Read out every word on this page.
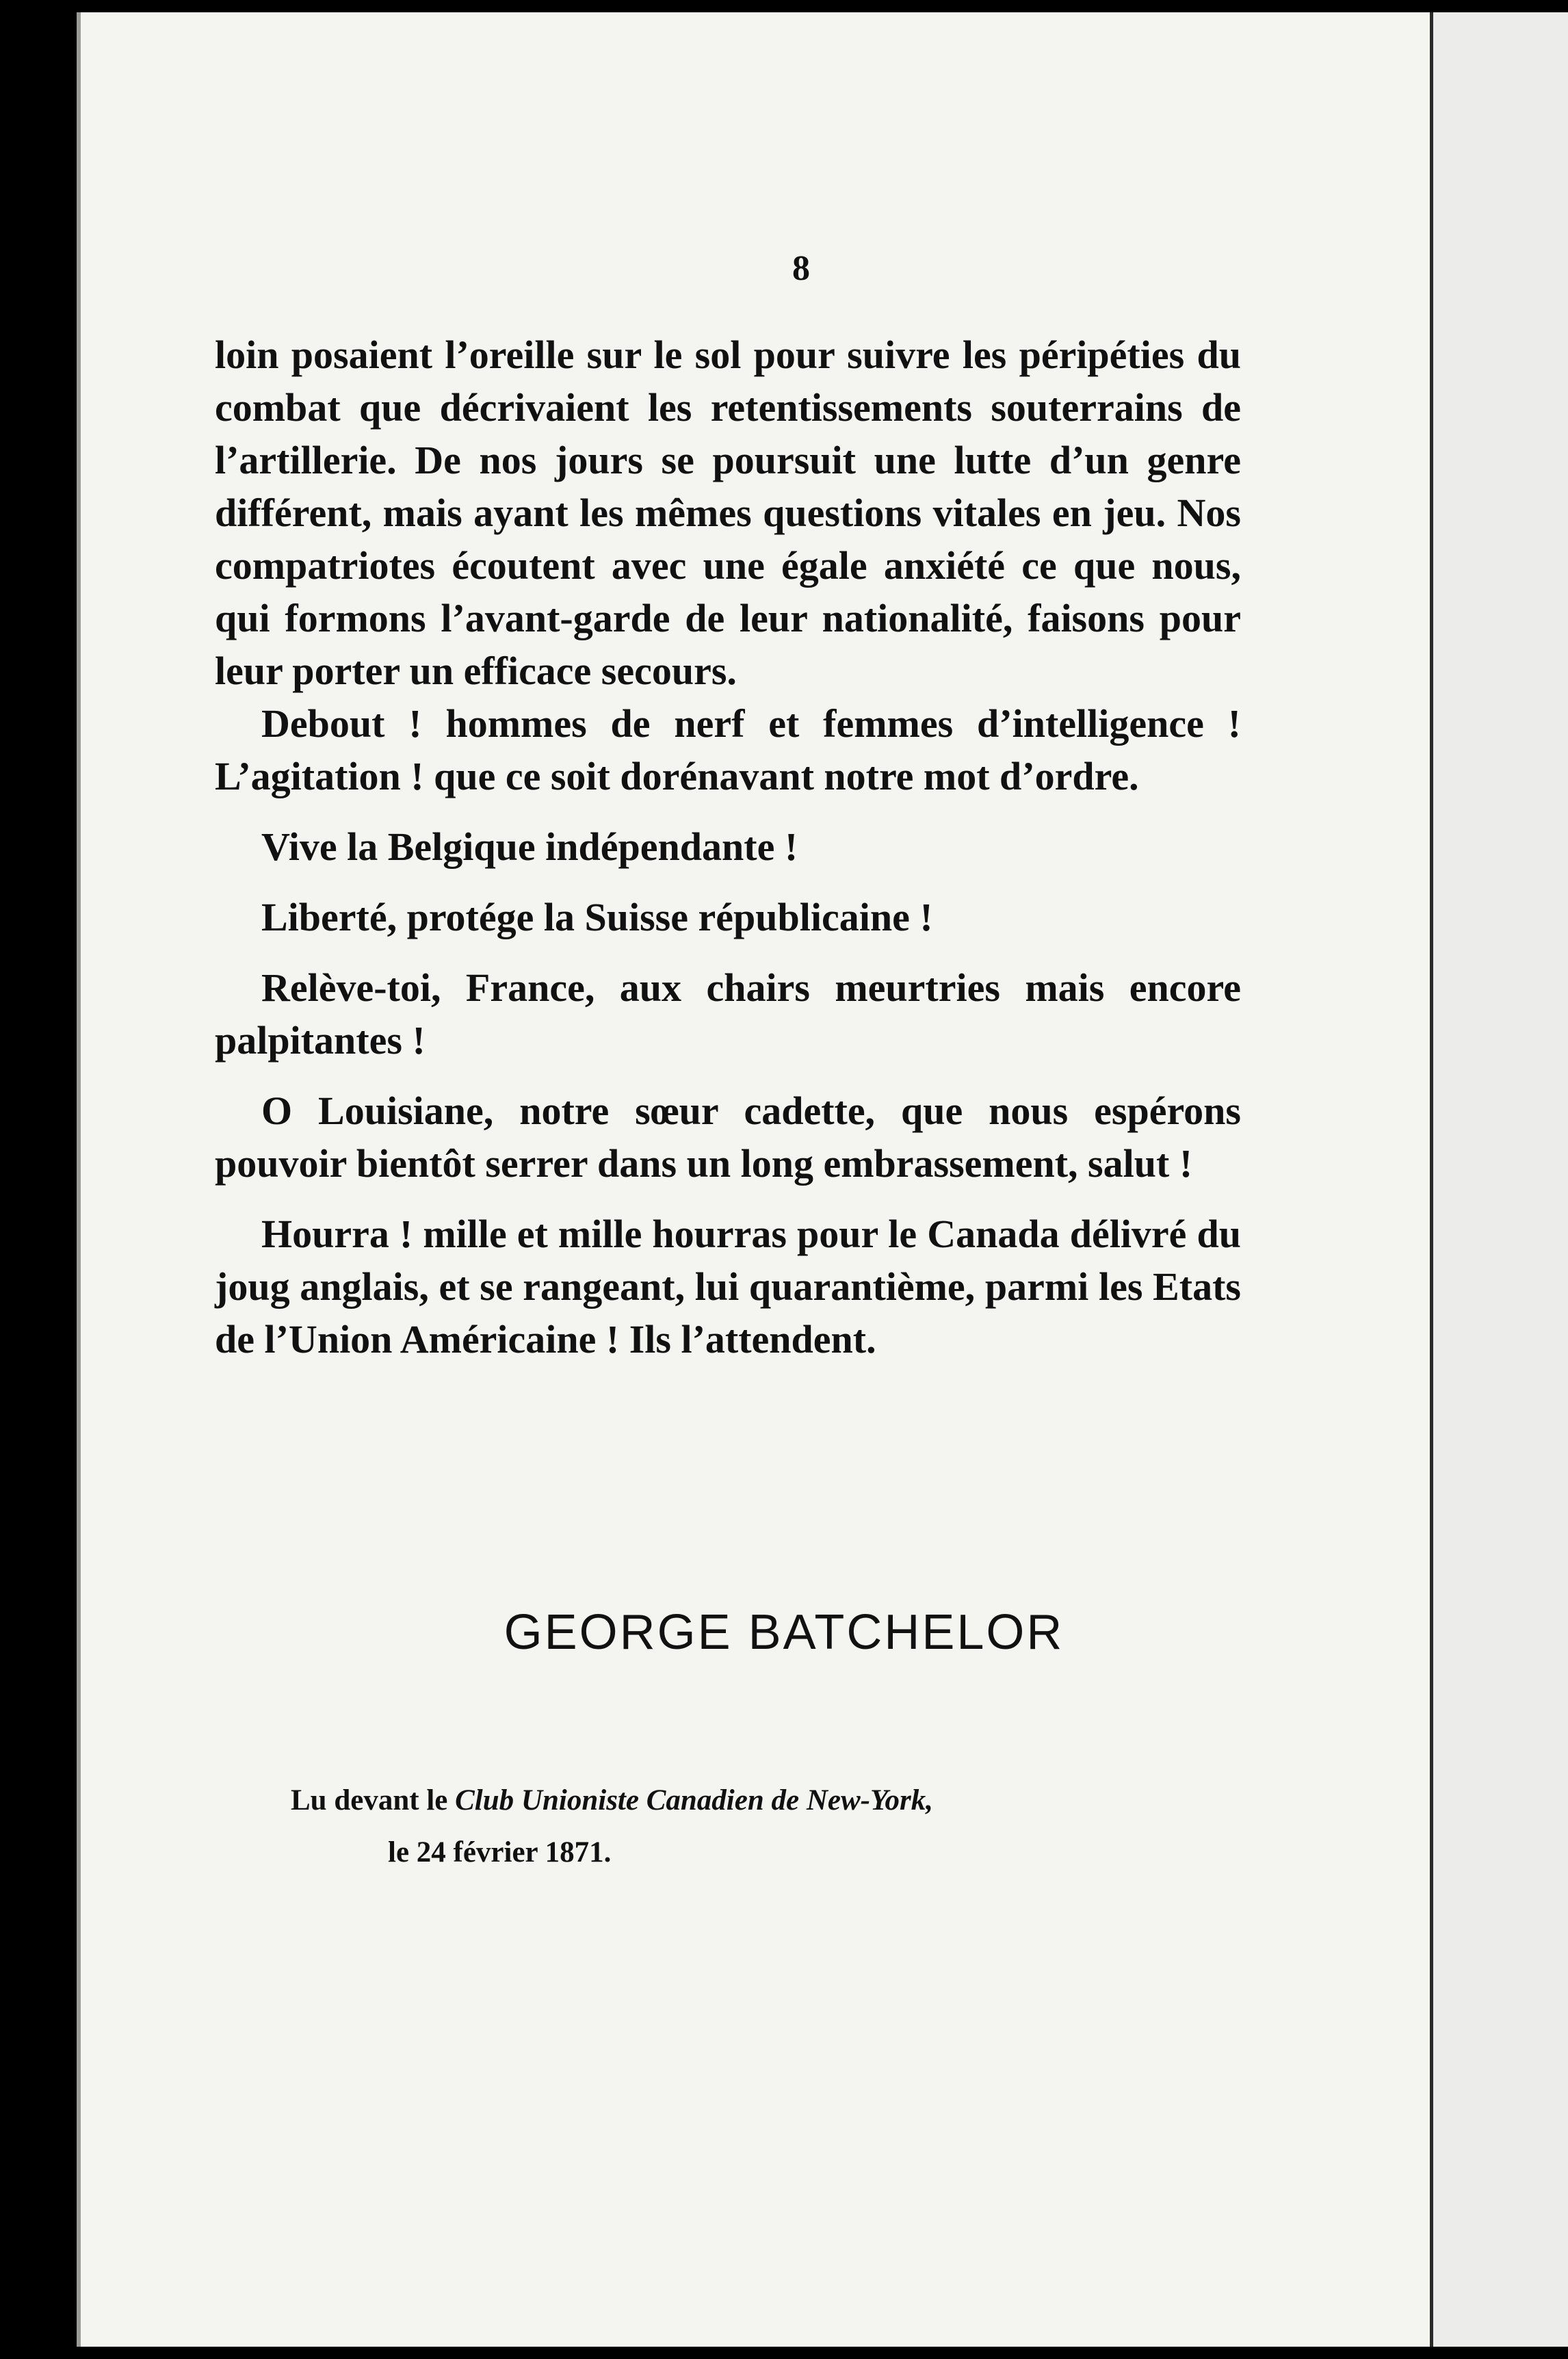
8

loin posaient l’oreille sur le sol pour suivre les péripéties du combat que décrivaient les retentissements souterrains de l’artillerie. De nos jours se poursuit une lutte d’un genre différent, mais ayant les mêmes questions vitales en jeu. Nos compatriotes écoutent avec une égale anxiété ce que nous, qui formons l’avant-garde de leur nationalité, faisons pour leur porter un efficace secours.

Debout ! hommes de nerf et femmes d’intelligence ! L’agitation ! que ce soit dorénavant notre mot d’ordre.

Vive la Belgique indépendante !

Liberté, protége la Suisse républicaine !

Relève-toi, France, aux chairs meurtries mais encore palpitantes !

O Louisiane, notre sœur cadette, que nous espérons pouvoir bientôt serrer dans un long embrassement, salut !

Hourra ! mille et mille hourras pour le Canada délivré du joug anglais, et se rangeant, lui quarantième, parmi les Etats de l’Union Américaine ! Ils l’attendent.

GEORGE BATCHELOR
Lu devant le Club Unioniste Canadien de New-York,
le 24 février 1871.
